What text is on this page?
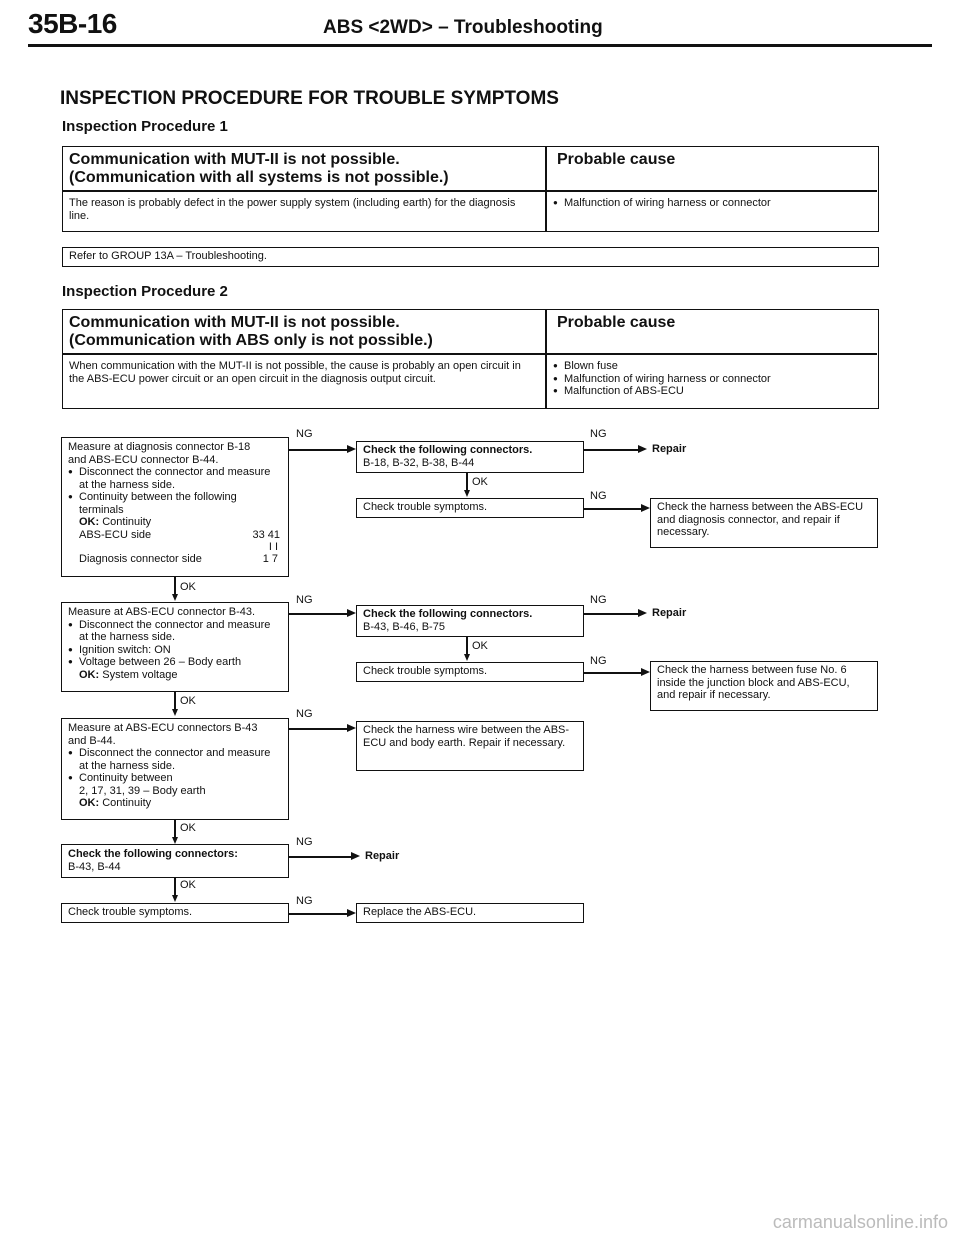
35B-16	ABS <2WD> – Troubleshooting
INSPECTION PROCEDURE FOR TROUBLE SYMPTOMS
Inspection Procedure 1
Communication with MUT-II is not possible.
(Communication with all systems is not possible.)
Probable cause
The reason is probably defect in the power supply system (including earth) for the diagnosis line.
● Malfunction of wiring harness or connector
Refer to GROUP 13A – Troubleshooting.
Inspection Procedure 2
Communication with MUT-II is not possible.
(Communication with ABS only is not possible.)
Probable cause
When communication with the MUT-II is not possible, the cause is probably an open circuit in the ABS-ECU power circuit or an open circuit in the diagnosis output circuit.
● Blown fuse
● Malfunction of wiring harness or connector
● Malfunction of ABS-ECU
Measure at diagnosis connector B-18
and ABS-ECU connector B-44.
● Disconnect the connector and measure at the harness side.
● Continuity between the following terminals
OK: Continuity
ABS-ECU side	33 41
I I
Diagnosis connector side	1 7
NG
Check the following connectors.
B-18, B-32, B-38, B-44
NG
Repair
OK
Check trouble symptoms.
NG
Check the harness between the ABS-ECU and diagnosis connector, and repair if necessary.
OK
Measure at ABS-ECU connector B-43.
● Disconnect the connector and measure at the harness side.
● Ignition switch: ON
● Voltage between 26 – Body earth
OK: System voltage
NG
Check the following connectors.
B-43, B-46, B-75
NG
Repair
OK
Check trouble symptoms.
NG
Check the harness between fuse No. 6 inside the junction block and ABS-ECU, and repair if necessary.
OK
Measure at ABS-ECU connectors B-43
and B-44.
● Disconnect the connector and measure at the harness side.
● Continuity between
2, 17, 31, 39 – Body earth
OK: Continuity
NG
Check the harness wire between the ABS-ECU and body earth. Repair if necessary.
OK
Check the following connectors:
B-43, B-44
NG
Repair
OK
Check trouble symptoms.
NG
Replace the ABS-ECU.
carmanualsonline.info
